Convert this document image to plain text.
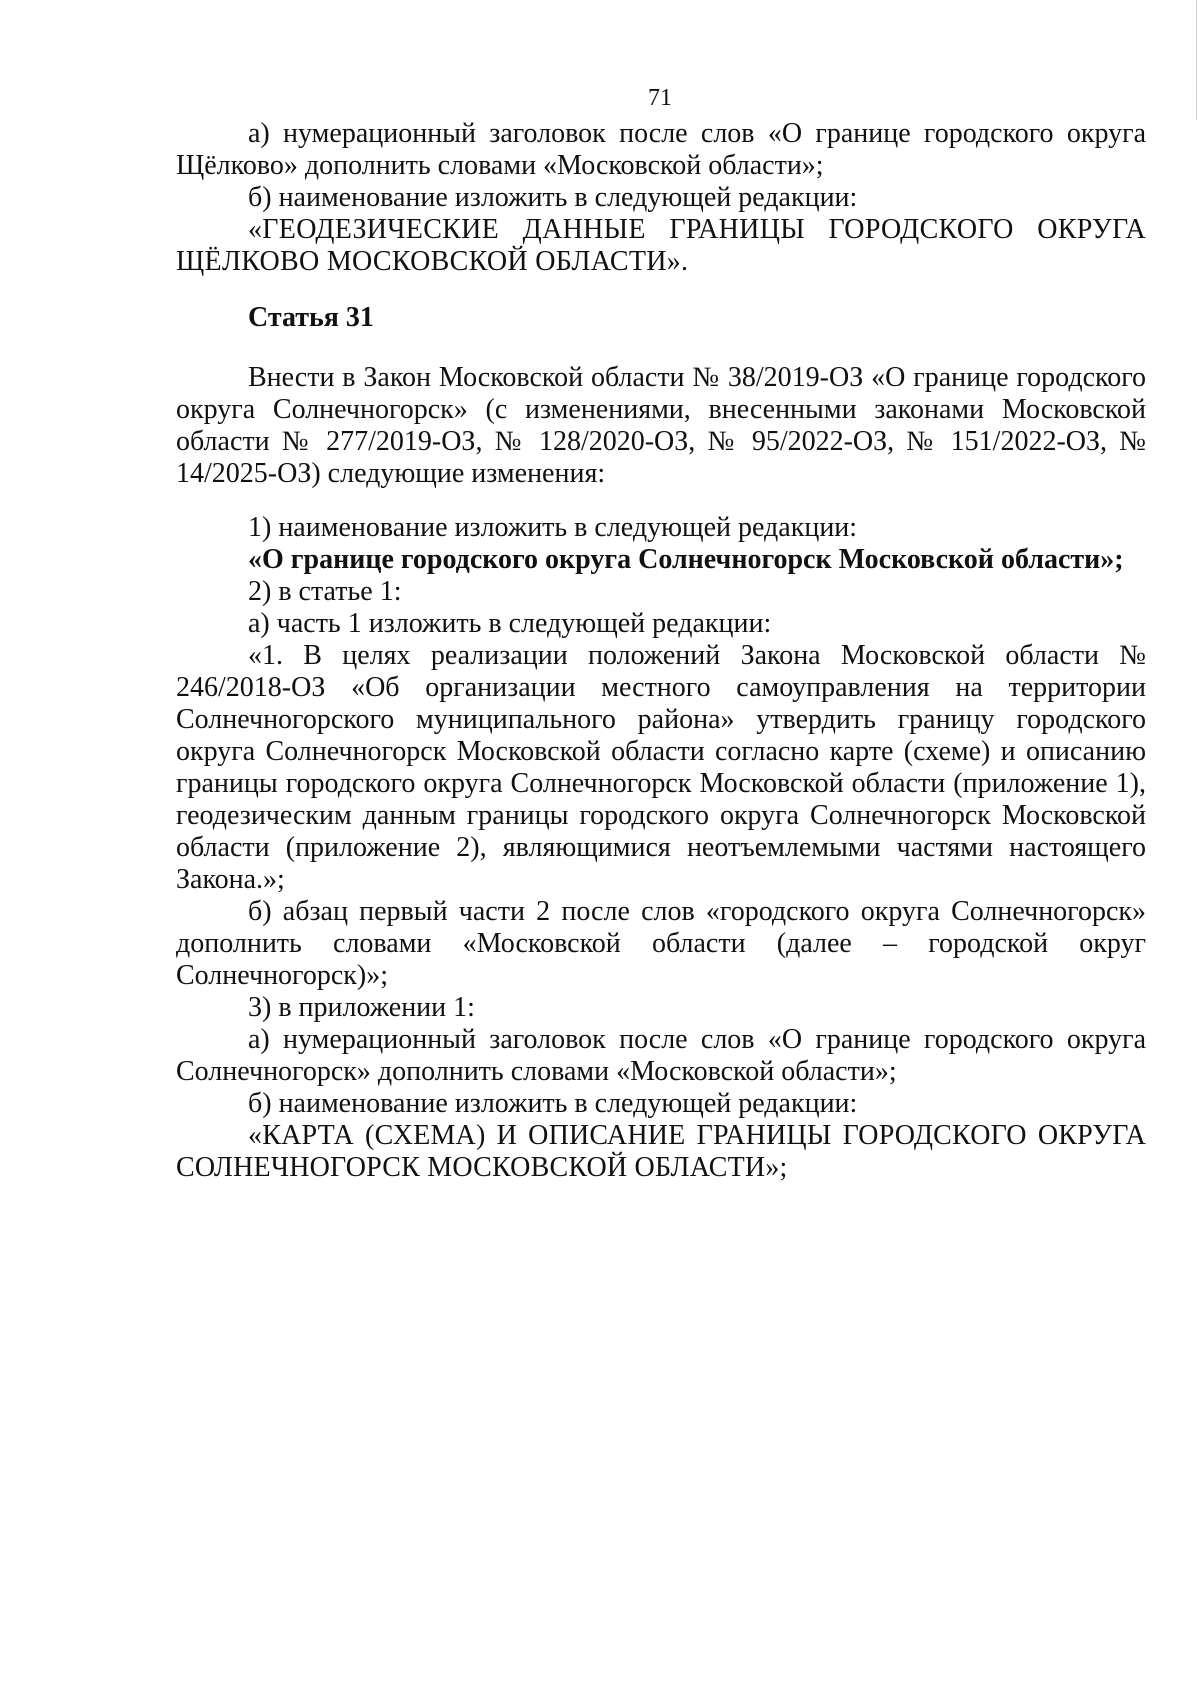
71

а) нумерационный заголовок после слов «О границе городского округа Щёлково» дополнить словами «Московской области»;

б) наименование изложить в следующей редакции:

«ГЕОДЕЗИЧЕСКИЕ ДАННЫЕ ГРАНИЦЫ ГОРОДСКОГО ОКРУГА ЩЁЛКОВО МОСКОВСКОЙ ОБЛАСТИ».

Статья 31

Внести в Закон Московской области № 38/2019-ОЗ «О границе городского округа Солнечногорск» (с изменениями, внесенными законами Московской области № 277/2019-ОЗ, № 128/2020-ОЗ, № 95/2022-ОЗ, № 151/2022-ОЗ, № 14/2025-ОЗ) следующие изменения:

1) наименование изложить в следующей редакции:

«О границе городского округа Солнечногорск Московской области»;

2) в статье 1:

а) часть 1 изложить в следующей редакции:

«1. В целях реализации положений Закона Московской области № 246/2018-ОЗ «Об организации местного самоуправления на территории Солнечногорского муниципального района» утвердить границу городского округа Солнечногорск Московской области согласно карте (схеме) и описанию границы городского округа Солнечногорск Московской области (приложение 1), геодезическим данным границы городского округа Солнечногорск Московской области (приложение 2), являющимися неотъемлемыми частями настоящего Закона.»;

б) абзац первый части 2 после слов «городского округа Солнечногорск» дополнить словами «Московской области (далее – городской округ Солнечногорск)»;

3) в приложении 1:

а) нумерационный заголовок после слов «О границе городского округа Солнечногорск» дополнить словами «Московской области»;

б) наименование изложить в следующей редакции:

«КАРТА (СХЕМА) И ОПИСАНИЕ ГРАНИЦЫ ГОРОДСКОГО ОКРУГА СОЛНЕЧНОГОРСК МОСКОВСКОЙ ОБЛАСТИ»;
